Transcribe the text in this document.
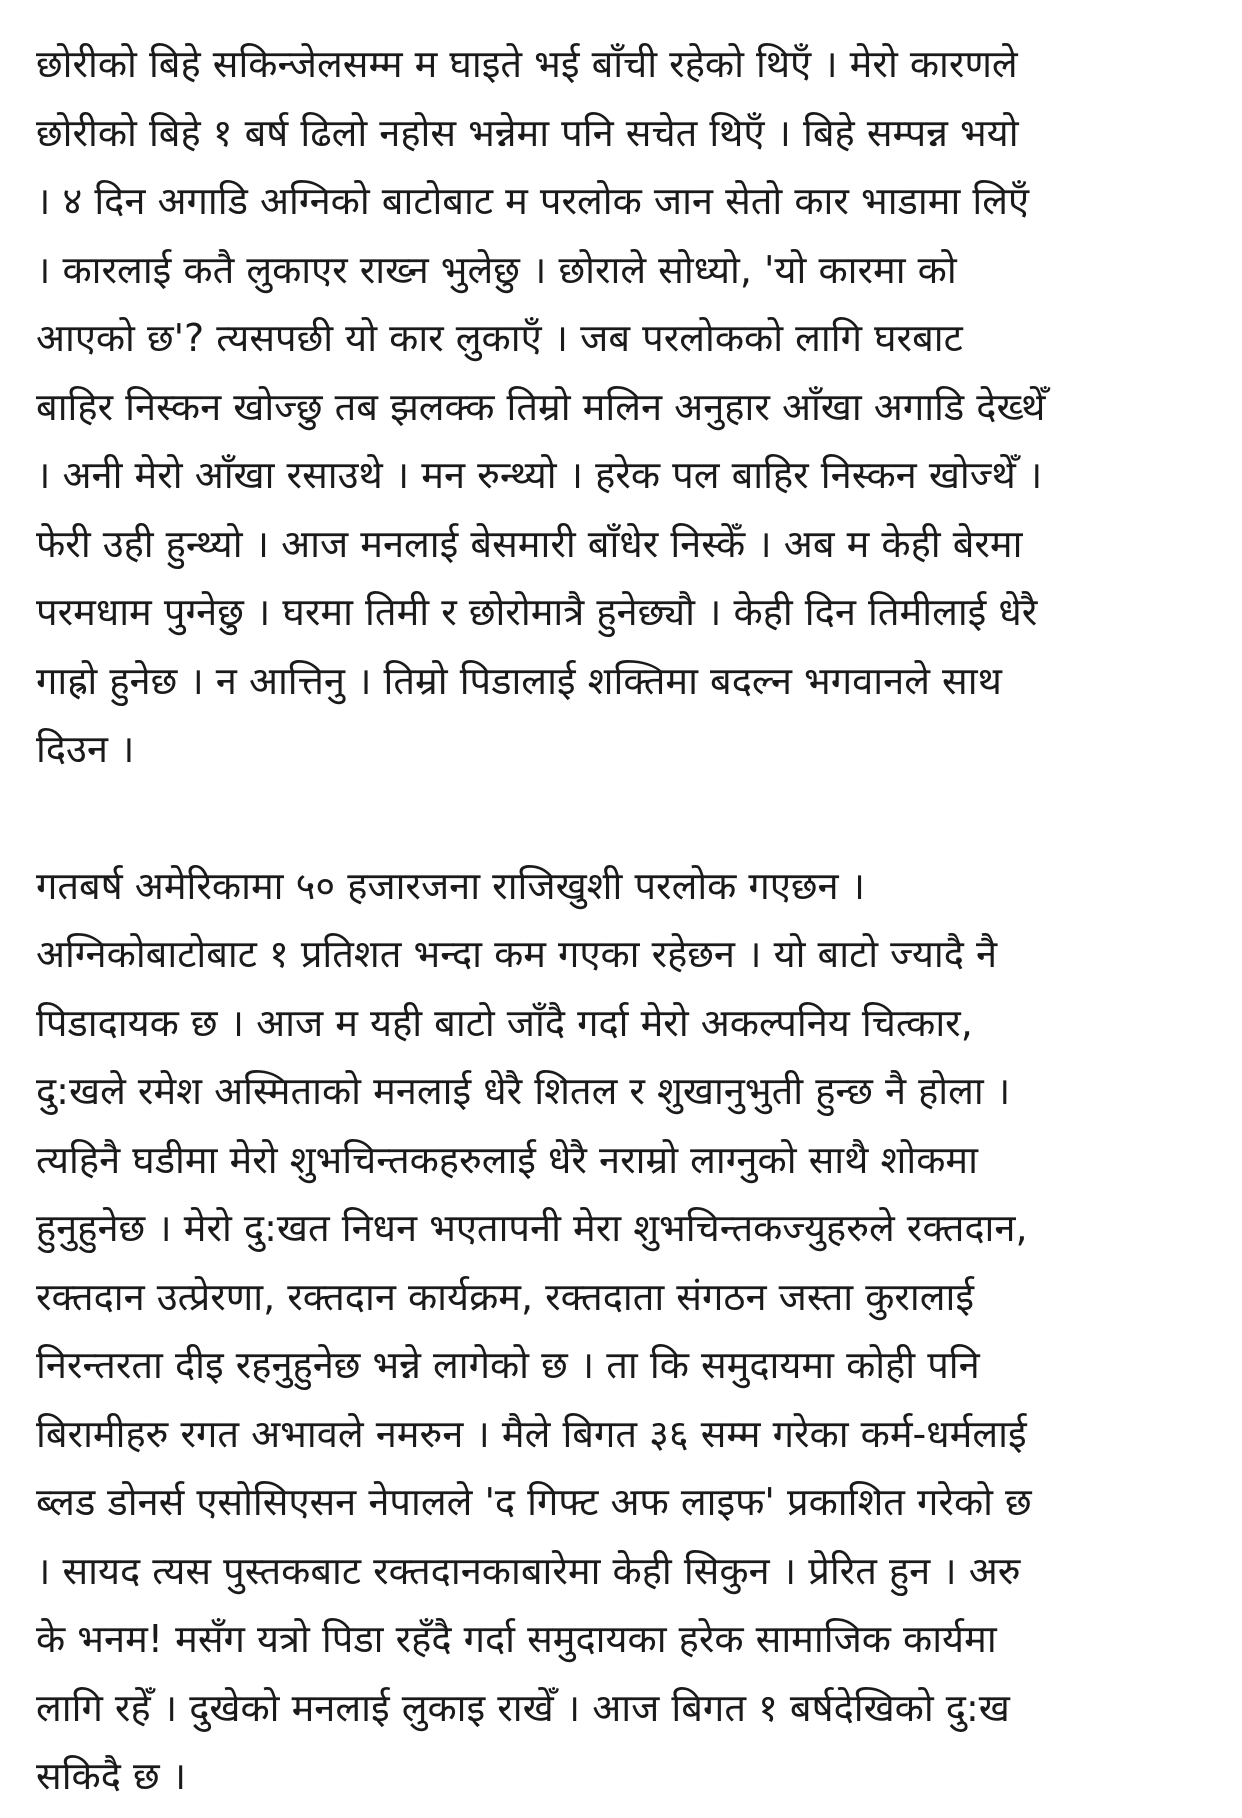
छोरीको बिहे सकिन्जेलसम्म म घाइते भई बाँची रहेको थिएँ । मेरो कारणले
छोरीको बिहे १ बर्ष ढिलो नहोस भन्नेमा पनि सचेत थिएँ । बिहे सम्पन्न भयो
। ४ दिन अगाडि अग्निको बाटोबाट म परलोक जान सेतो कार भाडामा लिएँ
। कारलाई कतै लुकाएर राख्न भुलेछु । छोराले सोध्यो, 'यो कारमा को
आएको छ'? त्यसपछी यो कार लुकाएँ । जब परलोकको लागि घरबाट
बाहिर निस्कन खोज्छु तब झलक्क तिम्रो मलिन अनुहार आँखा अगाडि देख्थेँ
। अनी मेरो आँखा रसाउथे । मन रुन्थ्यो । हरेक पल बाहिर निस्कन खोज्थेँ ।
फेरी उही हुन्थ्यो । आज मनलाई बेसमारी बाँधेर निस्केँ । अब म केही बेरमा
परमधाम पुग्नेछु । घरमा तिमी र छोरोमात्रै हुनेछ्यौ । केही दिन तिमीलाई धेरै
गाह्रो हुनेछ । न आत्तिनु । तिम्रो पिडालाई शक्तिमा बदल्न भगवानले साथ
दिउन ।
गतबर्ष अमेरिकामा ५० हजारजना राजिखुशी परलोक गएछन ।
अग्निकोबाटोबाट १ प्रतिशत भन्दा कम गएका रहेछन । यो बाटो ज्यादै नै
पिडादायक छ । आज म यही बाटो जाँदै गर्दा मेरो अकल्पनिय चित्कार,
दु:खले रमेश अस्मिताको मनलाई धेरै शितल र शुखानुभुती हुन्छ नै होला ।
त्यहिनै घडीमा मेरो शुभचिन्तकहरुलाई धेरै नराम्रो लाग्नुको साथै शोकमा
हुनुहुनेछ । मेरो दु:खत निधन भएतापनी मेरा शुभचिन्तकज्युहरुले रक्तदान,
रक्तदान उत्प्रेरणा, रक्तदान कार्यक्रम, रक्तदाता संगठन जस्ता कुरालाई
निरन्तरता दीइ रहनुहुनेछ भन्ने लागेको छ । ता कि समुदायमा कोही पनि
बिरामीहरु रगत अभावले नमरुन । मैले बिगत ३६ सम्म गरेका कर्म-धर्मलाई
ब्लड डोनर्स एसोसिएसन नेपालले 'द गिफ्ट अफ लाइफ' प्रकाशित गरेको छ
। सायद त्यस पुस्तकबाट रक्तदानकाबारेमा केही सिकुन । प्रेरित हुन । अरु
के भनम! मसँग यत्रो पिडा रहँदै गर्दा समुदायका हरेक सामाजिक कार्यमा
लागि रहेँ । दुखेको मनलाई लुकाइ राखेँ । आज बिगत १ बर्षदेखिको दु:ख
सकिदै छ ।
